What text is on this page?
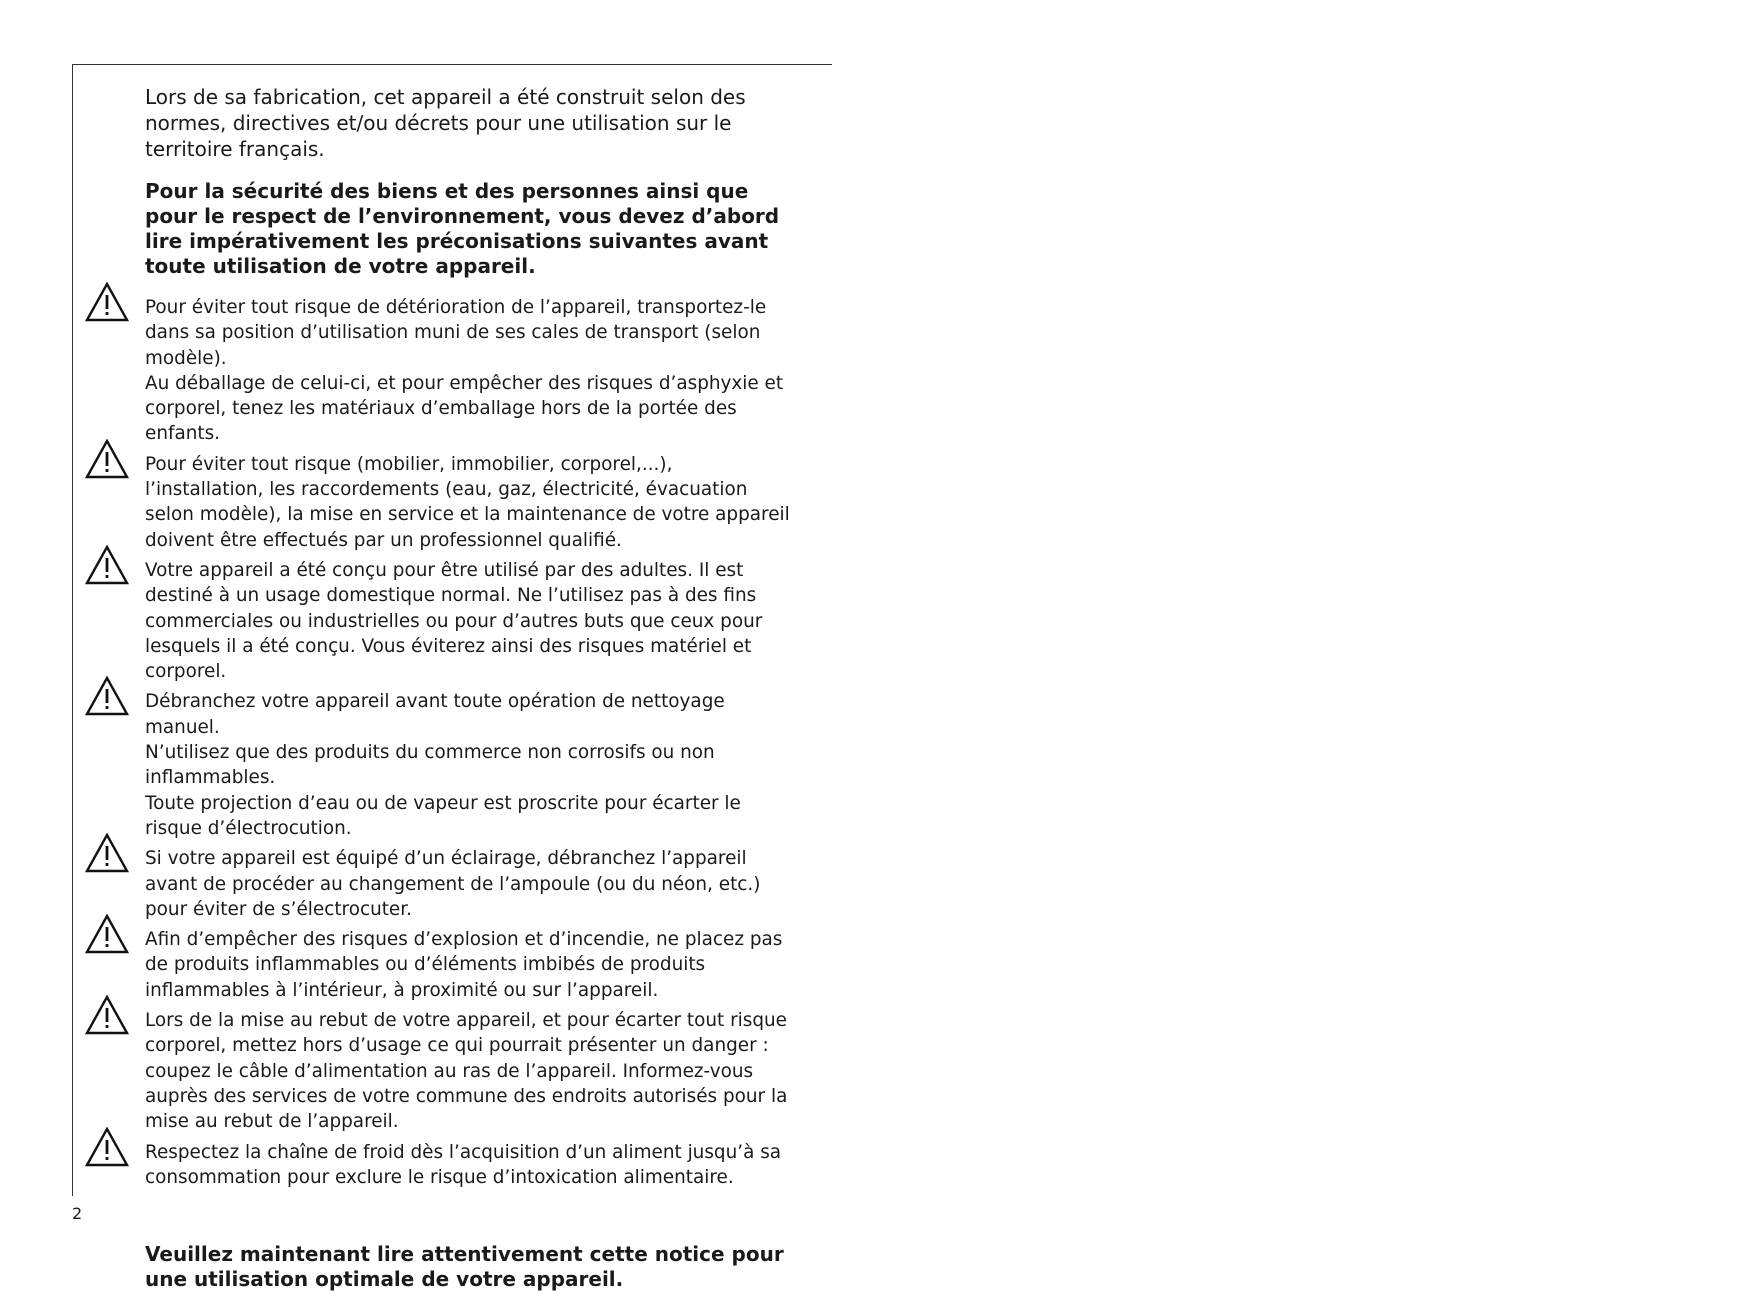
Lors de sa fabrication, cet appareil a été construit selon des normes, directives et/ou décrets pour une utilisation sur le territoire français.

Pour la sécurité des biens et des personnes ainsi que pour le respect de l’environnement, vous devez d’abord lire impérativement les préconisations suivantes avant toute utilisation de votre appareil.

Pour éviter tout risque de détérioration de l’appareil, transportez-le dans sa position d’utilisation muni de ses cales de transport (selon modèle).
Au déballage de celui-ci, et pour empêcher des risques d’asphyxie et corporel, tenez les matériaux d’emballage hors de la portée des enfants.
Pour éviter tout risque (mobilier, immobilier, corporel,...), l’installation, les raccordements (eau, gaz, électricité, évacuation selon modèle), la mise en service et la maintenance de votre appareil doivent être effectués par un professionnel qualifié.
Votre appareil a été conçu pour être utilisé par des adultes. Il est destiné à un usage domestique normal. Ne l’utilisez pas à des fins commerciales ou industrielles ou pour d’autres buts que ceux pour lesquels il a été conçu. Vous éviterez ainsi des risques matériel et corporel.
Débranchez votre appareil avant toute opération de nettoyage manuel.
N’utilisez que des produits du commerce non corrosifs ou non inflammables.
Toute projection d’eau ou de vapeur est proscrite pour écarter le risque d’électrocution.
Si votre appareil est équipé d’un éclairage, débranchez l’appareil avant de procéder au changement de l’ampoule (ou du néon, etc.) pour éviter de s’électrocuter.
Afin d’empêcher des risques d’explosion et d’incendie, ne placez pas de produits inflammables ou d’éléments imbibés de produits inflammables à l’intérieur, à proximité ou sur l’appareil.
Lors de la mise au rebut de votre appareil, et pour écarter tout risque corporel, mettez hors d’usage ce qui pourrait présenter un danger : coupez le câble d’alimentation au ras de l’appareil. Informez-vous auprès des services de votre commune des endroits autorisés pour la mise au rebut de l’appareil.
Respectez la chaîne de froid dès l’acquisition d’un aliment jusqu’à sa consommation pour exclure le risque d’intoxication alimentaire.

Veuillez maintenant lire attentivement cette notice pour une utilisation optimale de votre appareil.

2
